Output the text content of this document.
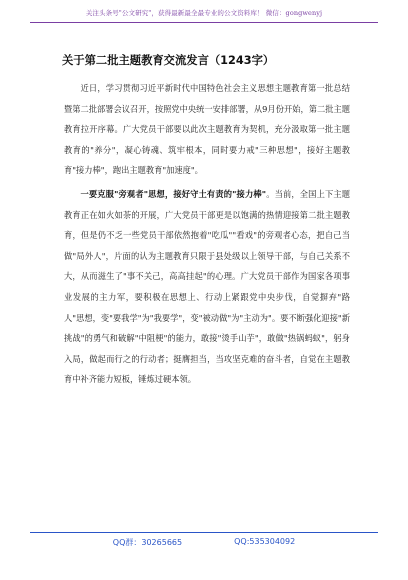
关注头条号"公文研究"，获得最新最全最专业的公文资料库！ 微信：gongwenyj
关于第二批主题教育交流发言（1243字）

近日，学习贯彻习近平新时代中国特色社会主义思想主题教育第一批总结暨第二批部署会议召开，按照党中央统一安排部署，从9月份开始，第二批主题教育拉开序幕。广大党员干部要以此次主题教育为契机，充分汲取第一批主题教育的"养分"，凝心铸魂、筑牢根本，同时要力戒"三种思想"，接好主题教育"接力棒"，跑出主题教育"加速度"。

一要克服"旁观者"思想，接好守土有责的"接力棒"。当前，全国上下主题教育正在如火如荼的开展，广大党员干部更是以饱满的热情迎接第二批主题教育，但是仍不乏一些党员干部依然抱着"吃瓜""看戏"的旁观者心态，把自己当做"局外人"，片面的认为主题教育只限于县处级以上领导干部，与自己关系不大，从而滋生了"事不关己，高高挂起"的心理。广大党员干部作为国家各项事业发展的主力军，要积极在思想上、行动上紧跟党中央步伐，自觉摒弃"路人"思想，变"要我学"为"我要学"，变"被动做"为"主动为"。要不断强化迎接"新挑战"的勇气和破解"中阻梗"的能力，敢接"烫手山芋"，敢做"热锅蚂蚁"，躬身入局，做起而行之的行动者；挺膺担当，当攻坚克难的奋斗者，自觉在主题教育中补齐能力短板，锤炼过硬本领。

QQ群：30265665	QQ:535304092
